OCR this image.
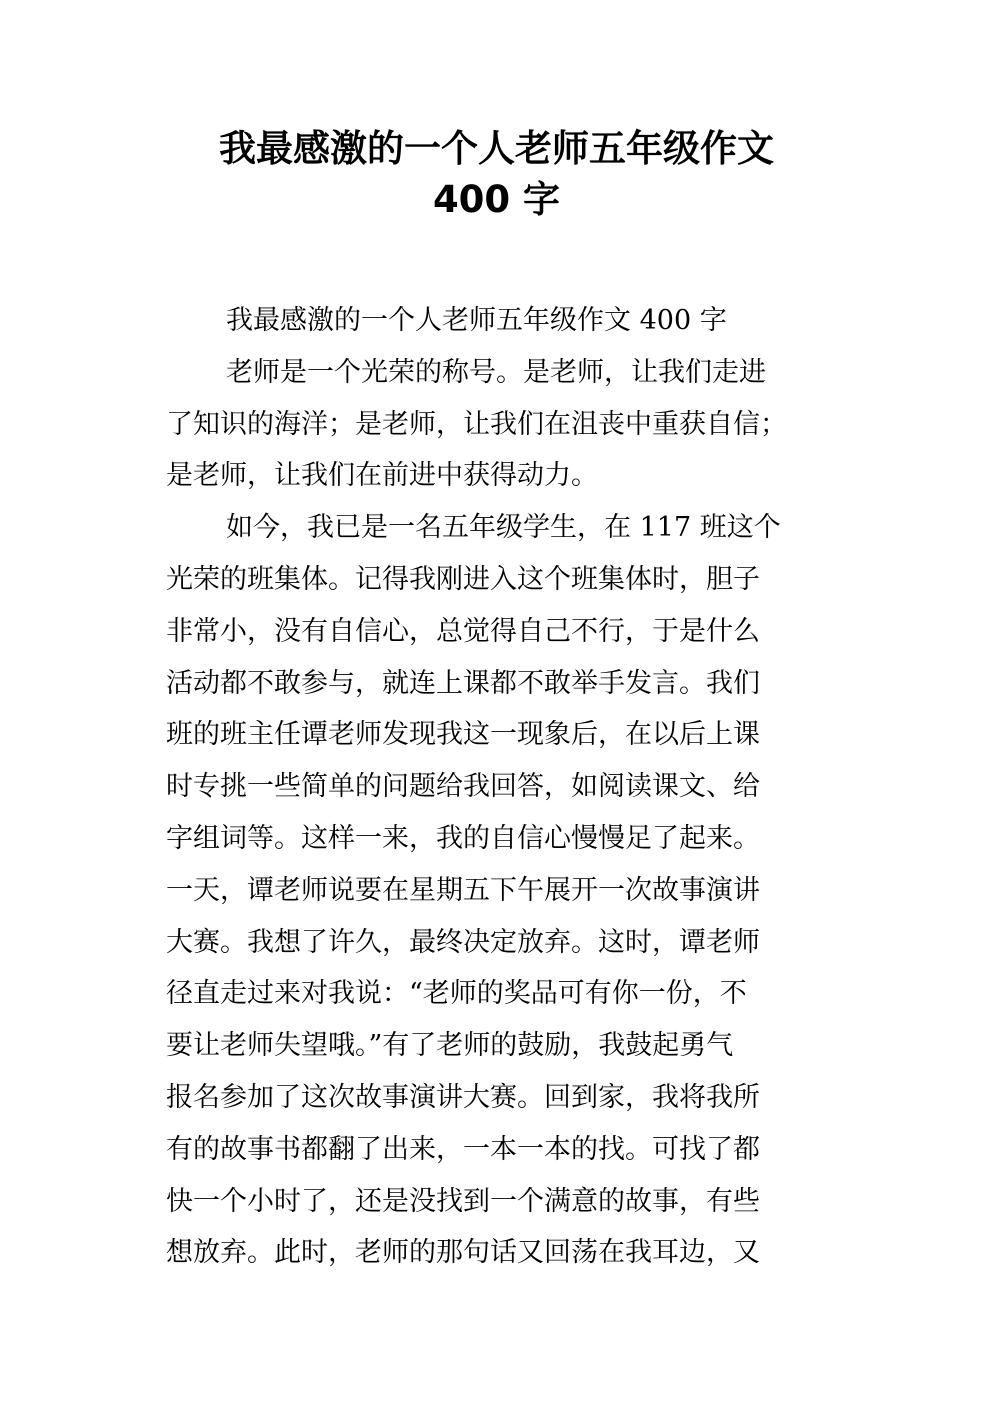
我最感激的一个人老师五年级作文
400 字
我最感激的一个人老师五年级作文 400 字
老师是一个光荣的称号。是老师，让我们走进
了知识的海洋；是老师，让我们在沮丧中重获自信；
是老师，让我们在前进中获得动力。
如今，我已是一名五年级学生，在 117 班这个
光荣的班集体。记得我刚进入这个班集体时，胆子
非常小，没有自信心，总觉得自己不行，于是什么
活动都不敢参与，就连上课都不敢举手发言。我们
班的班主任谭老师发现我这一现象后，在以后上课
时专挑一些简单的问题给我回答，如阅读课文、给
字组词等。这样一来，我的自信心慢慢足了起来。
一天，谭老师说要在星期五下午展开一次故事演讲
大赛。我想了许久，最终决定放弃。这时，谭老师
径直走过来对我说：“老师的奖品可有你一份，不
要让老师失望哦。”有了老师的鼓励，我鼓起勇气
报名参加了这次故事演讲大赛。回到家，我将我所
有的故事书都翻了出来，一本一本的找。可找了都
快一个小时了，还是没找到一个满意的故事，有些
想放弃。此时，老师的那句话又回荡在我耳边，又
